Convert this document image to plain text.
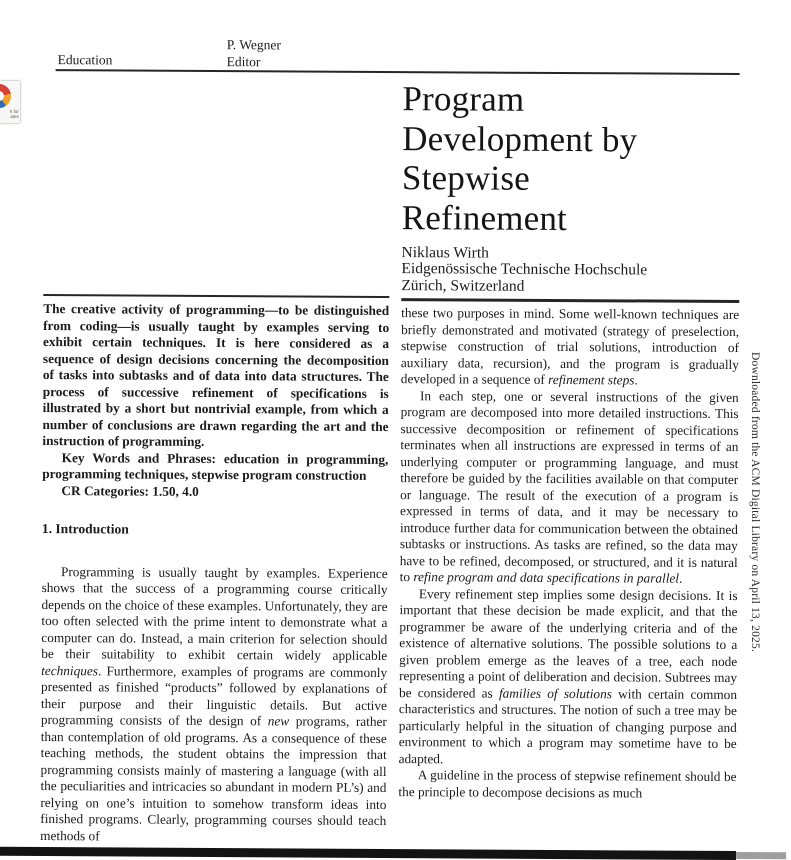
Education
P. Wegner
Editor
Program
Development by
Stepwise
Refinement
Niklaus Wirth
Eidgenössische Technische Hochschule
Zürich, Switzerland

The creative activity of programming—to be distinguished from coding—is usually taught by examples serving to exhibit certain techniques. It is here considered as a sequence of design decisions concerning the decomposition of tasks into subtasks and of data into data structures. The process of successive refinement of specifications is illustrated by a short but nontrivial example, from which a number of conclusions are drawn regarding the art and the instruction of programming.

Key Words and Phrases: education in programming, programming techniques, stepwise program construction

CR Categories: 1.50, 4.0

1. Introduction

Programming is usually taught by examples. Experience shows that the success of a programming course critically depends on the choice of these examples. Unfortunately, they are too often selected with the prime intent to demonstrate what a computer can do. Instead, a main criterion for selection should be their suitability to exhibit certain widely applicable techniques. Furthermore, examples of programs are commonly presented as finished “products” followed by explanations of their purpose and their linguistic details. But active programming consists of the design of new programs, rather than contemplation of old programs. As a consequence of these teaching methods, the student obtains the impression that programming consists mainly of mastering a language (with all the peculiarities and intricacies so abundant in modern PL’s) and relying on one’s intuition to somehow transform ideas into finished programs. Clearly, programming courses should teach methods of

these two purposes in mind. Some well-known techniques are briefly demonstrated and motivated (strategy of preselection, stepwise construction of trial solutions, introduction of auxiliary data, recursion), and the program is gradually developed in a sequence of refinement steps.

In each step, one or several instructions of the given program are decomposed into more detailed instructions. This successive decomposition or refinement of specifications terminates when all instructions are expressed in terms of an underlying computer or programming language, and must therefore be guided by the facilities available on that computer or language. The result of the execution of a program is expressed in terms of data, and it may be necessary to introduce further data for communication between the obtained subtasks or instructions. As tasks are refined, so the data may have to be refined, decomposed, or structured, and it is natural to refine program and data specifications in parallel.

Every refinement step implies some design decisions. It is important that these decision be made explicit, and that the programmer be aware of the underlying criteria and of the existence of alternative solutions. The possible solutions to a given problem emerge as the leaves of a tree, each node representing a point of deliberation and decision. Subtrees may be considered as families of solutions with certain common characteristics and structures. The notion of such a tree may be particularly helpful in the situation of changing purpose and environment to which a program may sometime have to be adapted.

A guideline in the process of stepwise refinement should be the principle to decompose decisions as much

k for
ates
Downloaded from the ACM Digital Library on April 13, 2025.
